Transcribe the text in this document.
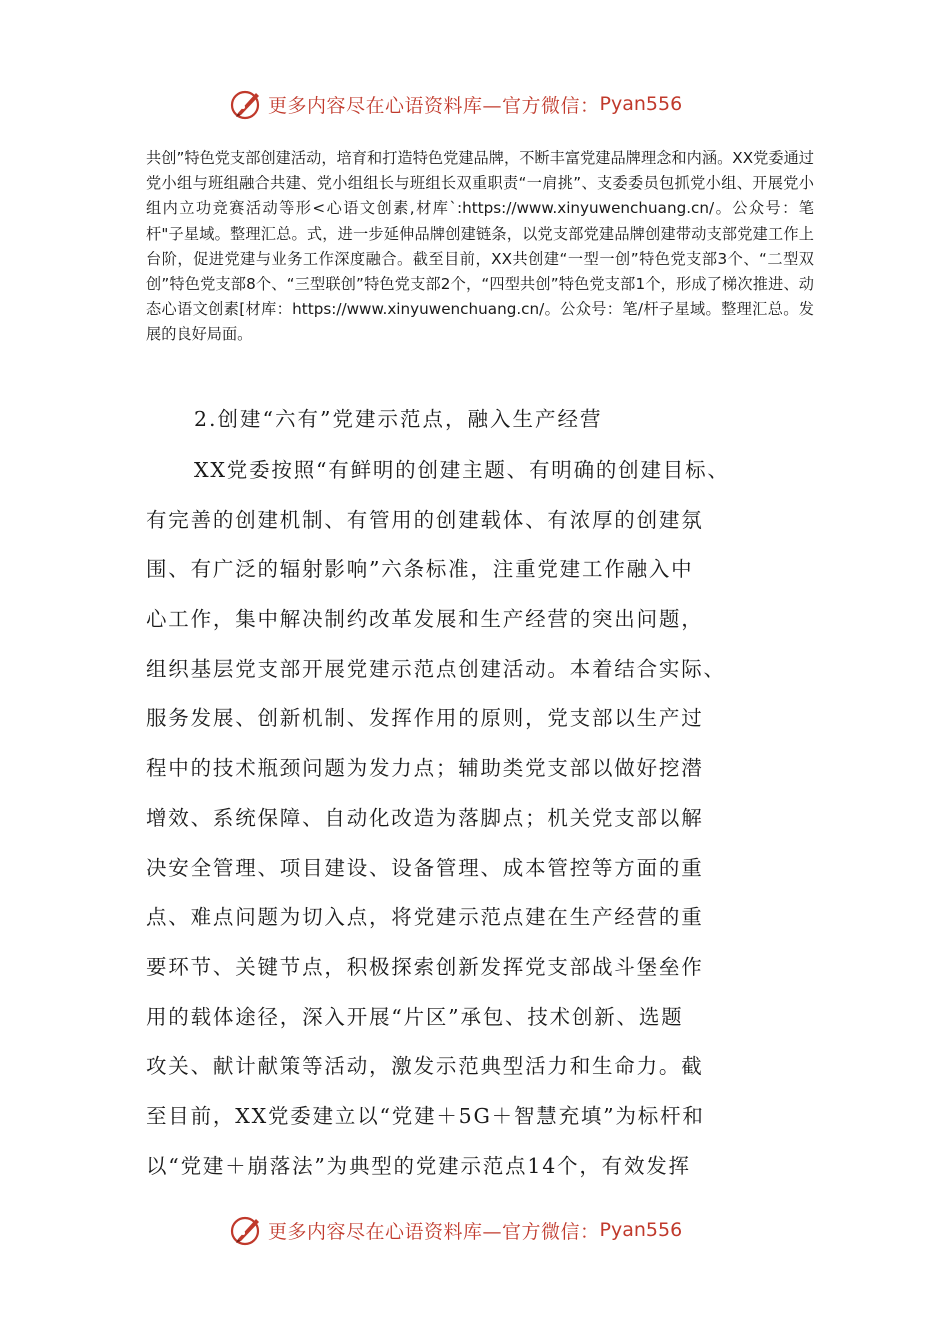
更多内容尽在心语资料库—官方微信： Pyan556
共创”特色党支部创建活动，培育和打造特色党建品牌，不断丰富党建品牌理念和内涵。XX党委通过党小组与班组融合共建、党小组组长与班组长双重职责“一肩挑”、支委委员包抓党小组、开展党小组内立功竞赛活动等形<心语文创素,材库`:https://www.xinyuwenchuang.cn/。公众号：笔杆"子星域。整理汇总。式，进一步延伸品牌创建链条，以党支部党建品牌创建带动支部党建工作上台阶，促进党建与业务工作深度融合。截至目前，XX共创建“一型一创”特色党支部3个、“二型双创”特色党支部8个、“三型联创”特色党支部2个，“四型共创”特色党支部1个，形成了梯次推进、动态心语文创素[材库：https://www.xinyuwenchuang.cn/。公众号：笔/杆子星域。整理汇总。发展的良好局面。
2.创建“六有”党建示范点，融入生产经营
XX党委按照“有鲜明的创建主题、有明确的创建目标、
有完善的创建机制、有管用的创建载体、有浓厚的创建氛
围、有广泛的辐射影响”六条标准，注重党建工作融入中
心工作，集中解决制约改革发展和生产经营的突出问题，
组织基层党支部开展党建示范点创建活动。本着结合实际、
服务发展、创新机制、发挥作用的原则，党支部以生产过
程中的技术瓶颈问题为发力点；辅助类党支部以做好挖潜
增效、系统保障、自动化改造为落脚点；机关党支部以解
决安全管理、项目建设、设备管理、成本管控等方面的重
点、难点问题为切入点，将党建示范点建在生产经营的重
要环节、关键节点，积极探索创新发挥党支部战斗堡垒作
用的载体途径，深入开展“片区”承包、技术创新、选题
攻关、献计献策等活动，激发示范典型活力和生命力。截
至目前，XX党委建立以“党建＋5G＋智慧充填”为标杆和
以“党建＋崩落法”为典型的党建示范点14个，有效发挥
更多内容尽在心语资料库—官方微信： Pyan556
